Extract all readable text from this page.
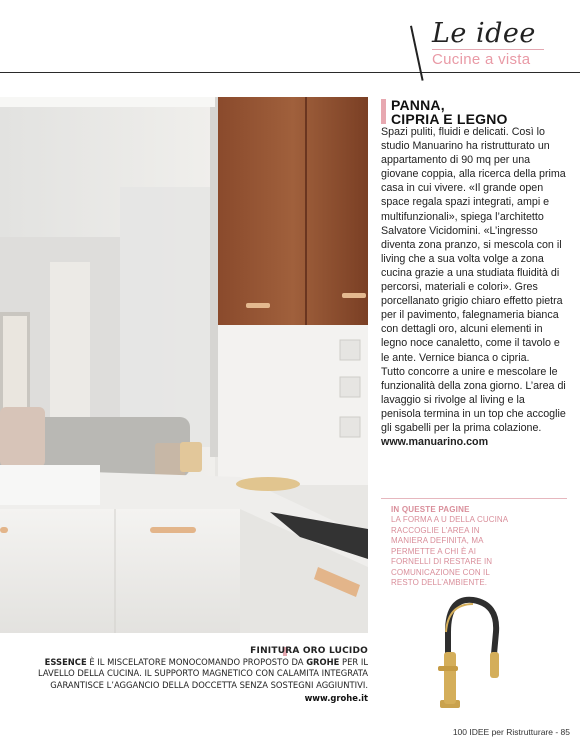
Le idee
Cucine a vista
PANNA,
CIPRIA E LEGNO

Spazi puliti, fluidi e delicati. Così lo studio Manuarino ha ristrutturato un appartamento di 90 mq per una giovane coppia, alla ricerca della prima casa in cui vivere. «Il grande open space regala spazi integrati, ampi e multifunzionali», spiega l’architetto Salvatore Vicidomini. «L’ingresso diventa zona pranzo, si mescola con il living che a sua volta volge a zona cucina grazie a una studiata fluidità di percorsi, materiali e colori». Gres porcellanato grigio chiaro effetto pietra per il pavimento, falegnameria bianca con dettagli oro, alcuni elementi in legno noce canaletto, come il tavolo e le ante. Vernice bianca o cipria.

Tutto concorre a unire e mescolare le funzionalità della zona giorno. L’area di lavaggio si rivolge al living e la penisola termina in un top che accoglie gli sgabelli per la prima colazione.

www.manuarino.com

IN QUESTE PAGINE
LA FORMA A U DELLA CUCINA RACCOGLIE L’AREA IN MANIERA DEFINITA, MA PERMETTE A CHI È AI FORNELLI DI RESTARE IN COMUNICAZIONE CON IL RESTO DELL’AMBIENTE.
FINITURA ORO LUCIDO
ESSENCE È IL MISCELATORE MONOCOMANDO PROPOSTO DA GROHE PER IL LAVELLO DELLA CUCINA. IL SUPPORTO MAGNETICO CON CALAMITA INTEGRATA GARANTISCE L’AGGANCIO DELLA DOCCETTA SENZA SOSTEGNI AGGIUNTIVI.
www.grohe.it
100 IDEE per Ristrutturare - 85
